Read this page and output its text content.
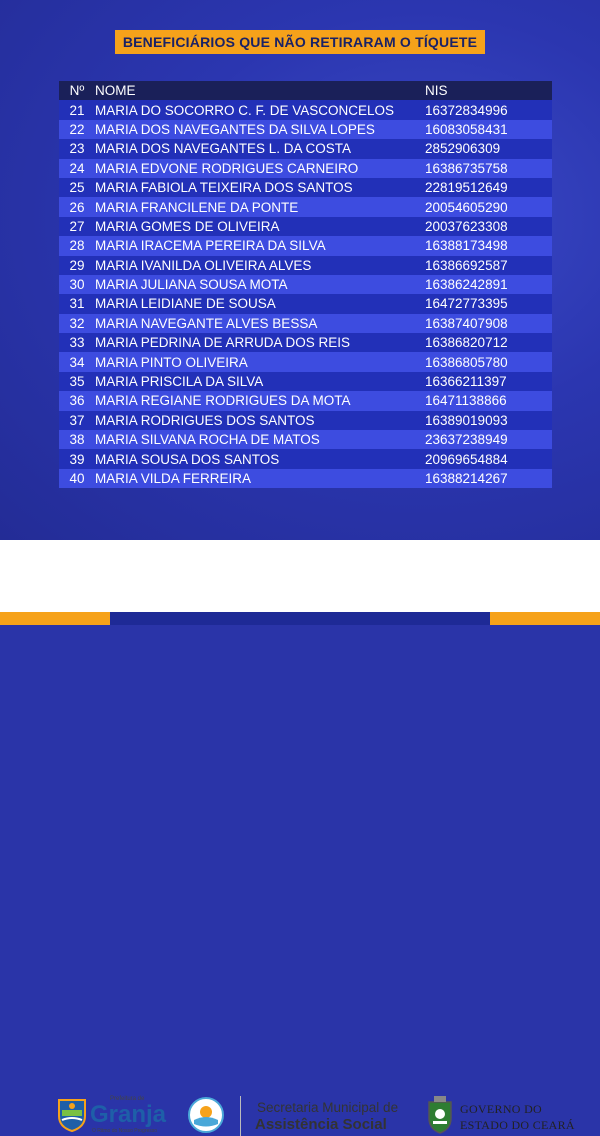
BENEFICIÁRIOS QUE NÃO RETIRARAM O TÍQUETE
Nº	NOME	NIS
21	MARIA DO SOCORRO C. F. DE VASCONCELOS	16372834996
22	MARIA DOS NAVEGANTES DA SILVA LOPES	16083058431
23	MARIA DOS NAVEGANTES L. DA COSTA	2852906309
24	MARIA EDVONE RODRIGUES CARNEIRO	16386735758
25	MARIA FABIOLA TEIXEIRA DOS SANTOS	22819512649
26	MARIA FRANCILENE DA PONTE	20054605290
27	MARIA GOMES DE OLIVEIRA	20037623308
28	MARIA IRACEMA PEREIRA DA SILVA	16388173498
29	MARIA IVANILDA OLIVEIRA ALVES	16386692587
30	MARIA JULIANA SOUSA MOTA	16386242891
31	MARIA LEIDIANE DE SOUSA	16472773395
32	MARIA NAVEGANTE ALVES BESSA	16387407908
33	MARIA PEDRINA DE ARRUDA DOS REIS	16386820712
34	MARIA PINTO OLIVEIRA	16386805780
35	MARIA PRISCILA DA SILVA	16366211397
36	MARIA REGIANE RODRIGUES DA MOTA	16471138866
37	MARIA RODRIGUES DOS SANTOS	16389019093
38	MARIA SILVANA ROCHA DE MATOS	23637238949
39	MARIA SOUSA DOS SANTOS	20969654884
40	MARIA VILDA FERREIRA	16388214267
Prefeitura de
Granja
O Ritmo do Nosso Progresso
Secretaria Municipal de
Assistência Social
GOVERNO DO
ESTADO DO CEARÁ
